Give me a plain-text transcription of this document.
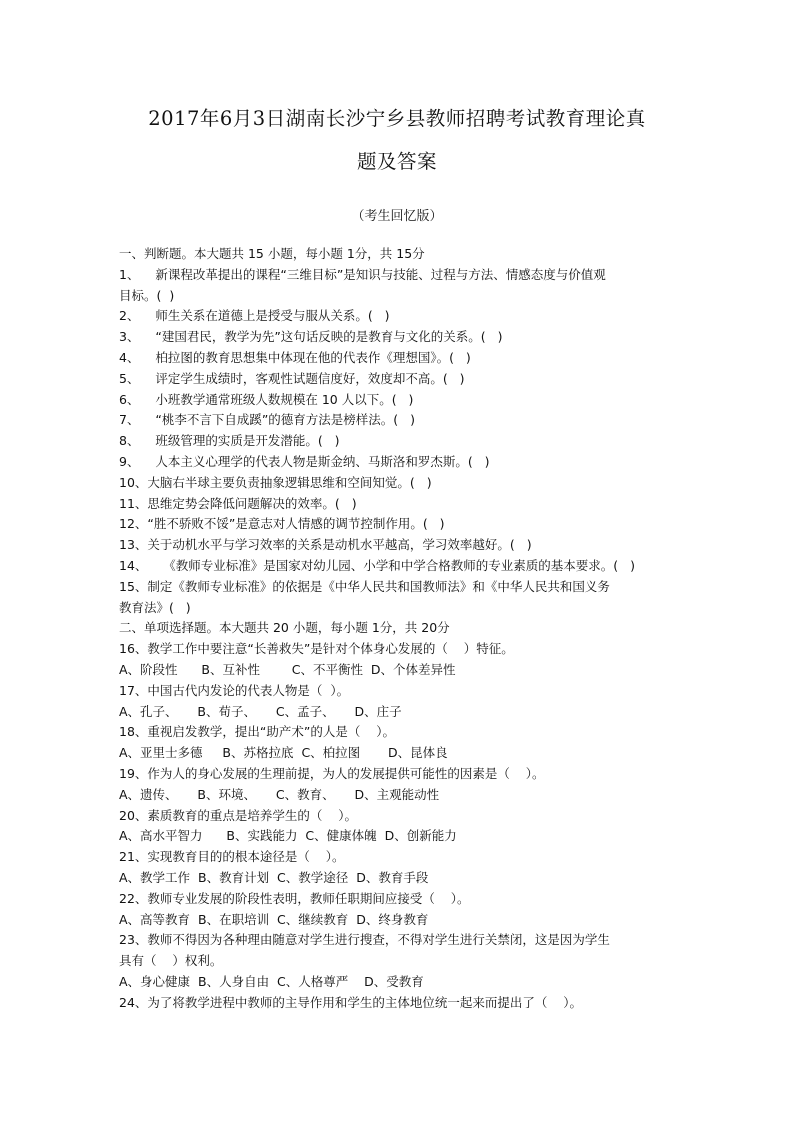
2017年6月3日湖南长沙宁乡县教师招聘考试教育理论真
题及答案
（考生回忆版）
一、判断题。本大题共 15 小题，每小题 1分，共 15分
1、    新课程改革提出的课程“三维目标”是知识与技能、过程与方法、情感态度与价值观
目标。(  )
2、    师生关系在道德上是授受与服从关系。(   )
3、    “建国君民，教学为先”这句话反映的是教育与文化的关系。(   )
4、    柏拉图的教育思想集中体现在他的代表作《理想国》。(   )
5、    评定学生成绩时，客观性试题信度好，效度却不高。(   )
6、    小班教学通常班级人数规模在 10 人以下。(   )
7、    “桃李不言下自成蹊”的德育方法是榜样法。(   )
8、    班级管理的实质是开发潜能。(   )
9、    人本主义心理学的代表人物是斯金纳、马斯洛和罗杰斯。(   )
10、大脑右半球主要负责抽象逻辑思维和空间知觉。(   )
11、思维定势会降低问题解决的效率。(   )
12、“胜不骄败不馁”是意志对人情感的调节控制作用。(   )
13、关于动机水平与学习效率的关系是动机水平越高，学习效率越好。(   )
14、    《教师专业标准》是国家对幼儿园、小学和中学合格教师的专业素质的基本要求。(   )
15、制定《教师专业标准》的依据是《中华人民共和国教师法》和《中华人民共和国义务
教育法》(   )
二、单项选择题。本大题共 20 小题，每小题 1分，共 20分
16、教学工作中要注意“长善救失”是针对个体身心发展的（    ）特征。
A、阶段性      B、互补性        C、不平衡性  D、个体差异性
17、中国古代内发论的代表人物是（  ）。
A、孔子、     B、荀子、     C、孟子、     D、庄子
18、重视启发教学，提出“助产术”的人是（    ）。
A、亚里士多德     B、苏格拉底  C、柏拉图       D、昆体良
19、作为人的身心发展的生理前提，为人的发展提供可能性的因素是（    ）。
A、遗传、     B、环境、     C、教育、     D、主观能动性
20、素质教育的重点是培养学生的（    ）。
A、高水平智力      B、实践能力  C、健康体魄  D、创新能力
21、实现教育目的的根本途径是（    ）。
A、教学工作  B、教育计划  C、教学途径  D、教育手段
22、教师专业发展的阶段性表明，教师任职期间应接受（    ）。
A、高等教育  B、在职培训  C、继续教育  D、终身教育
23、教师不得因为各种理由随意对学生进行搜查，不得对学生进行关禁闭，这是因为学生
具有（    ）权利。
A、身心健康  B、人身自由  C、人格尊严    D、受教育
24、为了将教学进程中教师的主导作用和学生的主体地位统一起来而提出了（    ）。
